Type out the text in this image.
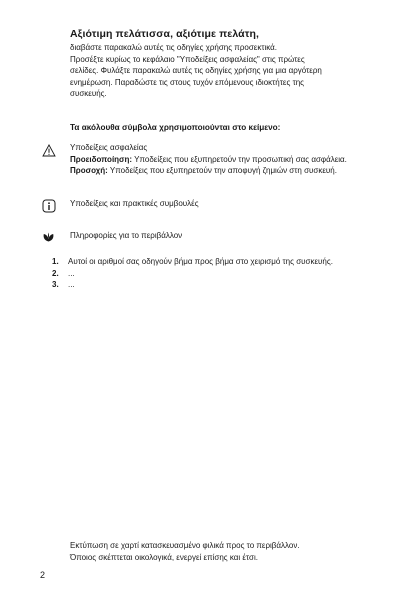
Αξιότιμη πελάτισσα, αξιότιμε πελάτη,
διαβάστε παρακαλώ αυτές τις οδηγίες χρήσης προσεκτικά.
Προσέξτε κυρίως το κεφάλαιο "Υποδείξεις ασφαλείας" στις πρώτες
σελίδες. Φυλάξτε παρακαλώ αυτές τις οδηγίες χρήσης για μια αργότερη
ενημέρωση. Παραδώστε τις στους τυχόν επόμενους ιδιοκτήτες της
συσκευής.
Τα ακόλουθα σύμβολα χρησιμοποιούνται στο κείμενο:

Υποδείξεις ασφαλείας

Προειδοποίηση: Υποδείξεις που εξυπηρετούν την προσωπική σας ασφάλεια.

Προσοχή: Υποδείξεις που εξυπηρετούν την αποφυγή ζημιών στη συσκευή.

Υποδείξεις και πρακτικές συμβουλές

Πληροφορίες για το περιβάλλον

1.	Αυτοί οι αριθμοί σας οδηγούν βήμα προς βήμα στο χειρισμό της συσκευής.
2.	...
3.	...
Εκτύπωση σε χαρτί κατασκευασμένο φιλικά προς το περιβάλλον.
Όποιος σκέπτεται οικολογικά, ενεργεί επίσης και έτσι.
2
